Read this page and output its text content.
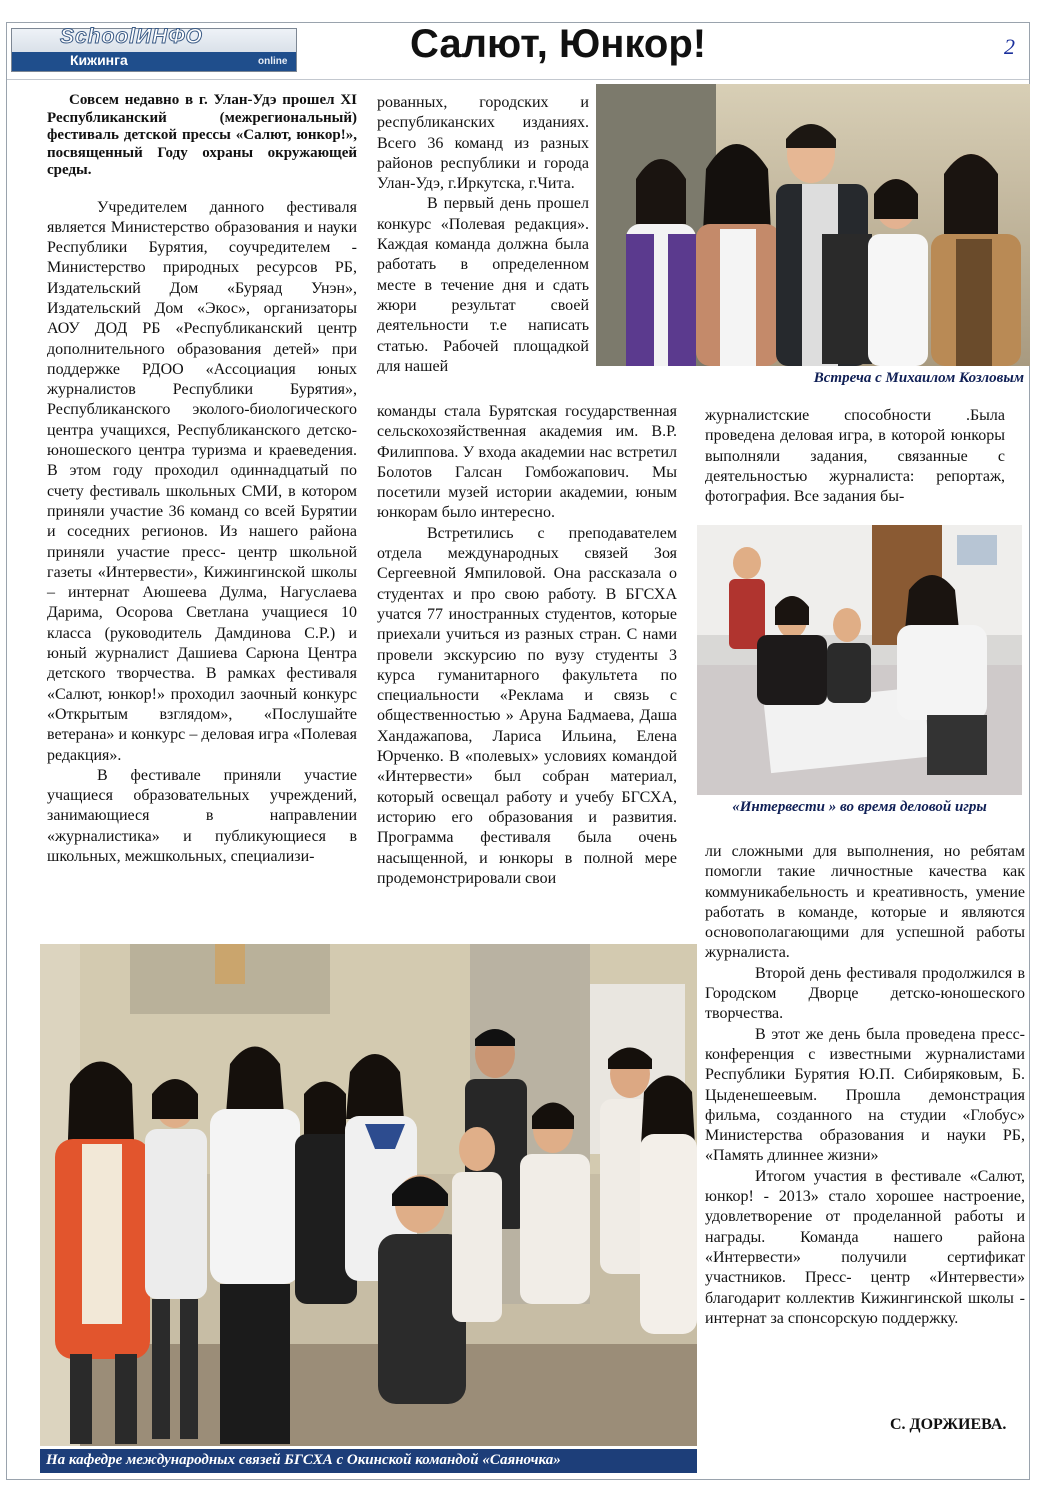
SchoolИНФО
Кижинга	online	Салют, Юнкор!	2

Совсем недавно в г. Улан-Удэ прошел XI Республиканский (межрегиональный) фестиваль детской прессы «Салют, юнкор!», посвященный Году охраны окружающей среды.

Учредителем данного фестиваля является Министерство образования и науки Республики Бурятия, соучредителем - Министерство природных ресурсов РБ, Издательский Дом «Буряад Унэн», Издательский Дом «Экос», организаторы АОУ ДОД РБ «Республиканский центр дополнительного образования детей» при поддержке РДОО «Ассоциация юных журналистов Республики Бурятия», Республиканского эколого-биологического центра учащихся, Республиканского детско-юношеского центра туризма и краеведения. В этом году проходил одиннадцатый по счету фестиваль школьных СМИ, в котором приняли участие 36 команд со всей Бурятии и соседних регионов. Из нашего района приняли участие пресс- центр школьной газеты «Интервести», Кижингинской школы – интернат Аюшеева Дулма, Нагуслаева Дарима, Осорова Светлана учащиеся 10 класса (руководитель Дамдинова С.Р.) и юный журналист Дашиева Сарюна Центра детского творчества. В рамках фестиваля «Салют, юнкор!» проходил заочный конкурс «Открытым взглядом», «Послушайте ветерана» и конкурс – деловая игра «Полевая редакция».

В фестивале приняли участие учащиеся образовательных учреждений, занимающиеся в направлении «журналистика» и публикующиеся в школьных, межшкольных, специализи-

рованных, городских и республиканских изданиях. Всего 36 команд из разных районов республики и города Улан-Удэ, г.Иркутска, г.Чита.

В первый день прошел конкурс «Полевая редакция». Каждая команда должна была работать в определенном месте в течение дня и сдать жюри результат своей деятельности т.е написать статью. Рабочей площадкой для нашей

команды стала Бурятская государственная сельскохозяйственная академия им. В.Р. Филиппова. У входа академии нас встретил Болотов Галсан Гомбожапович. Мы посетили музей истории академии, юным юнкорам было интересно.

Встретились с преподавателем отдела международных связей Зоя Сергеевной Ямпиловой. Она рассказала о студентах и про свою работу. В БГСХА учатся 77 иностранных студентов, которые приехали учиться из разных стран. С нами провели экскурсию по вузу студенты 3 курса гуманитарного факультета по специальности «Реклама и связь с общественностью » Аруна Бадмаева, Даша Хандажапова, Лариса Ильина, Елена Юрченко. В «полевых» условиях командой «Интервести» был собран материал, который освещал работу и учебу БГСХА, историю его образования и развития. Программа фестиваля была очень насыщенной, и юнкоры в полной мере продемонстрировали свои

журналистские способности .Была проведена деловая игра, в которой юнкоры выполняли задания, связанные с деятельностью журналиста: репортаж, фотография. Все задания бы-

ли сложными для выполнения, но ребятам помогли такие личностные качества как коммуникабельность и креативность, умение работать в команде, которые и являются основополагающими для успешной работы журналиста.

Второй день фестиваля продолжился в Городском Дворце детско-юношеского творчества.

В этот же день была проведена пресс-конференция с известными журналистами Республики Бурятия Ю.П. Сибиряковым, Б. Цыденешеевым. Прошла демонстрация фильма, созданного на студии «Глобус» Министерства образования и науки РБ, «Память длиннее жизни»

Итогом участия в фестивале «Салют, юнкор! - 2013» стало хорошее настроение, удовлетворение от проделанной работы и награды. Команда нашего района «Интервести» получили сертификат участников. Пресс- центр «Интервести» благодарит коллектив Кижингинской школы - интернат за спонсорскую поддержку.

С. ДОРЖИЕВА.
Встреча с Михаилом Козловым
«Интервести » во время деловой игры
На кафедре международных связей БГСХА с Окинской командой «Саяночка»
